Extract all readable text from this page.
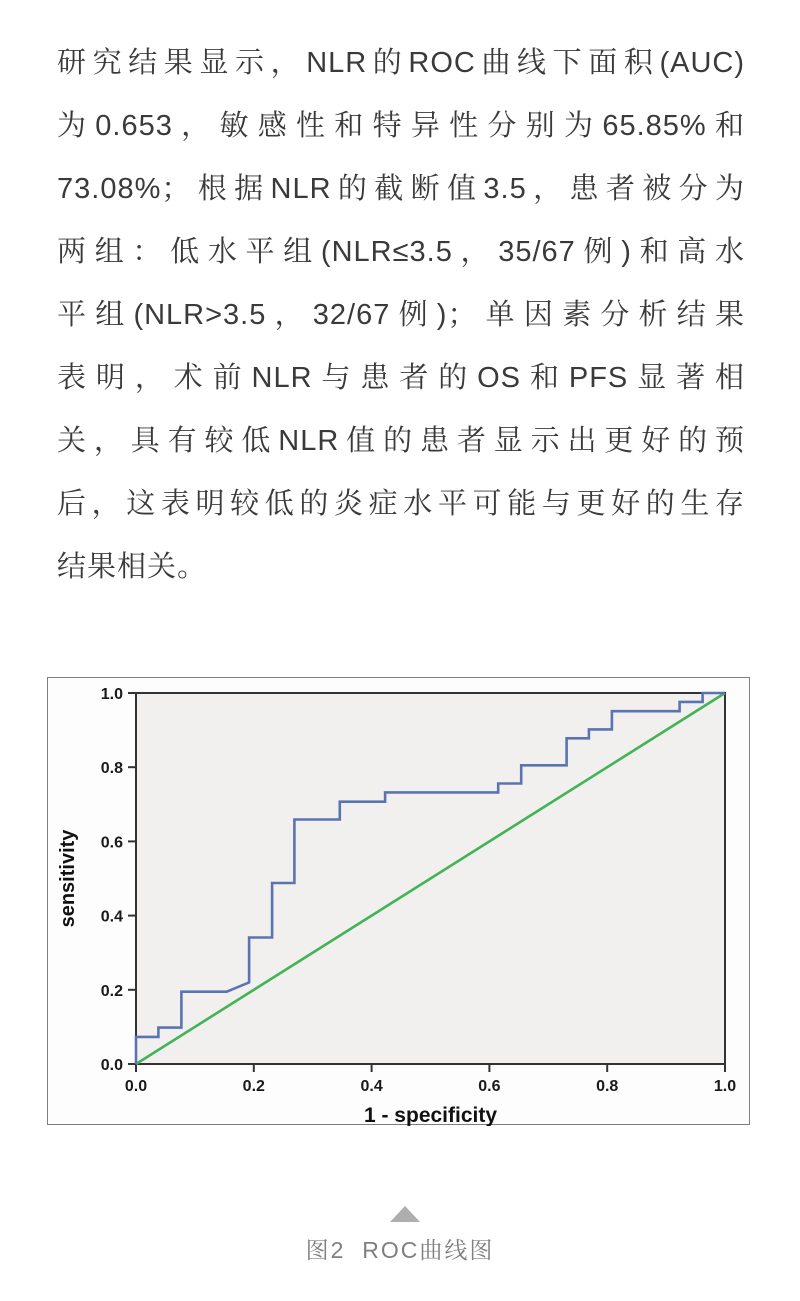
研究结果显示，NLR的ROC曲线下面积(AUC)
为0.653，敏感性和特异性分别为65.85%和
73.08%；根据NLR的截断值3.5，患者被分为
两组：低水平组(NLR≤3.5，35/67例)和高水
平组(NLR>3.5，32/67例)；单因素分析结果
表明，术前NLR与患者的OS和PFS显著相
关，具有较低NLR值的患者显示出更好的预
后，这表明较低的炎症水平可能与更好的生存
结果相关。
0.0	0.2	0.4	0.6	0.8	1.0
0.0
0.2
0.4
0.6
0.8
1.0
1 - specificity
sensitivity
图2  ROC曲线图
